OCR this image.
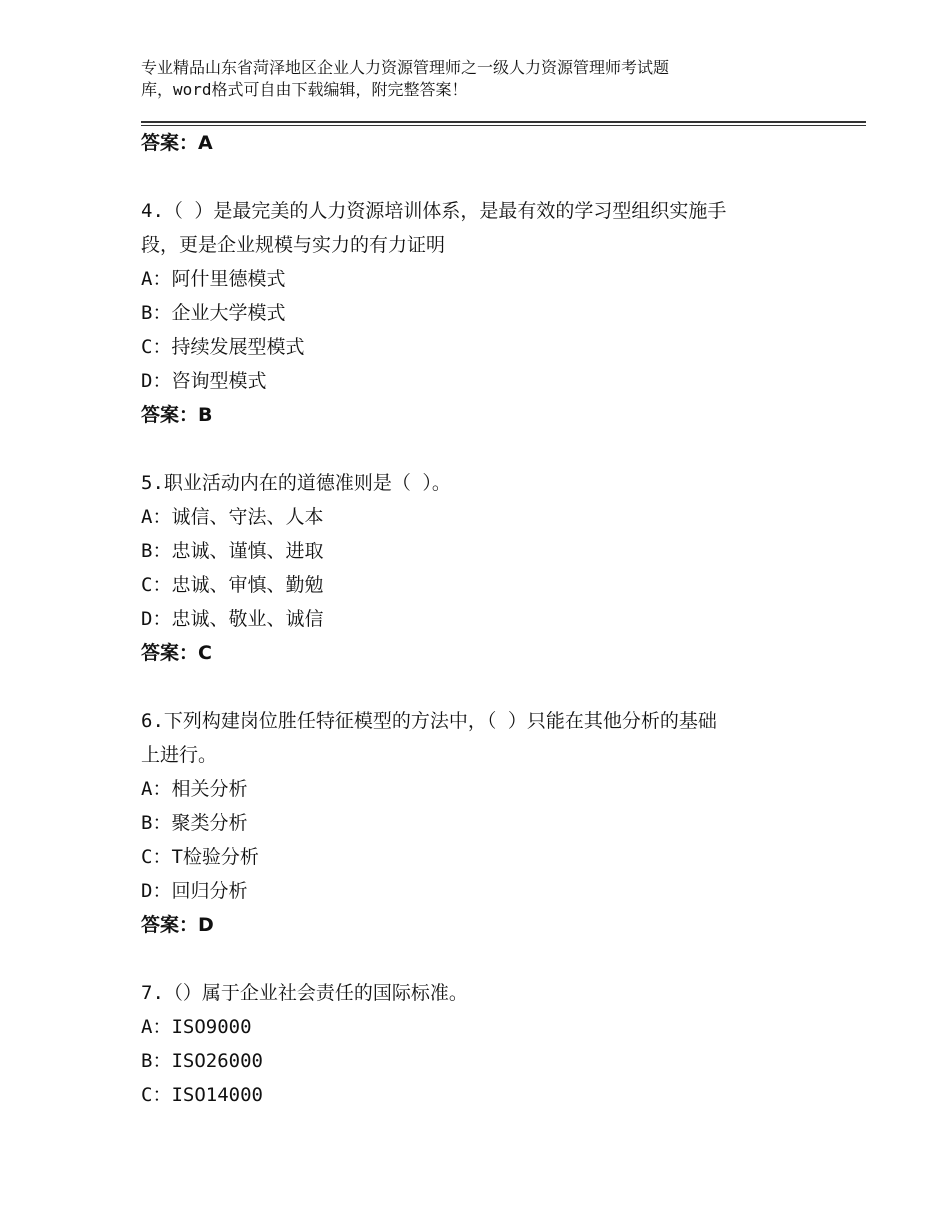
专业精品山东省菏泽地区企业人力资源管理师之一级人力资源管理师考试题
库，word格式可自由下载编辑，附完整答案！
答案：A
4.（ ）是最完美的人力资源培训体系，是最有效的学习型组织实施手
段，更是企业规模与实力的有力证明
A：阿什里德模式
B：企业大学模式
C：持续发展型模式
D：咨询型模式
答案：B
5.职业活动内在的道德准则是（ ）。
A：诚信、守法、人本
B：忠诚、谨慎、进取
C：忠诚、审慎、勤勉
D：忠诚、敬业、诚信
答案：C
6.下列构建岗位胜任特征模型的方法中，（ ）只能在其他分析的基础
上进行。
A：相关分析
B：聚类分析
C：T检验分析
D：回归分析
答案：D
7.（）属于企业社会责任的国际标准。
A：ISO9000
B：ISO26000
C：ISO14000
